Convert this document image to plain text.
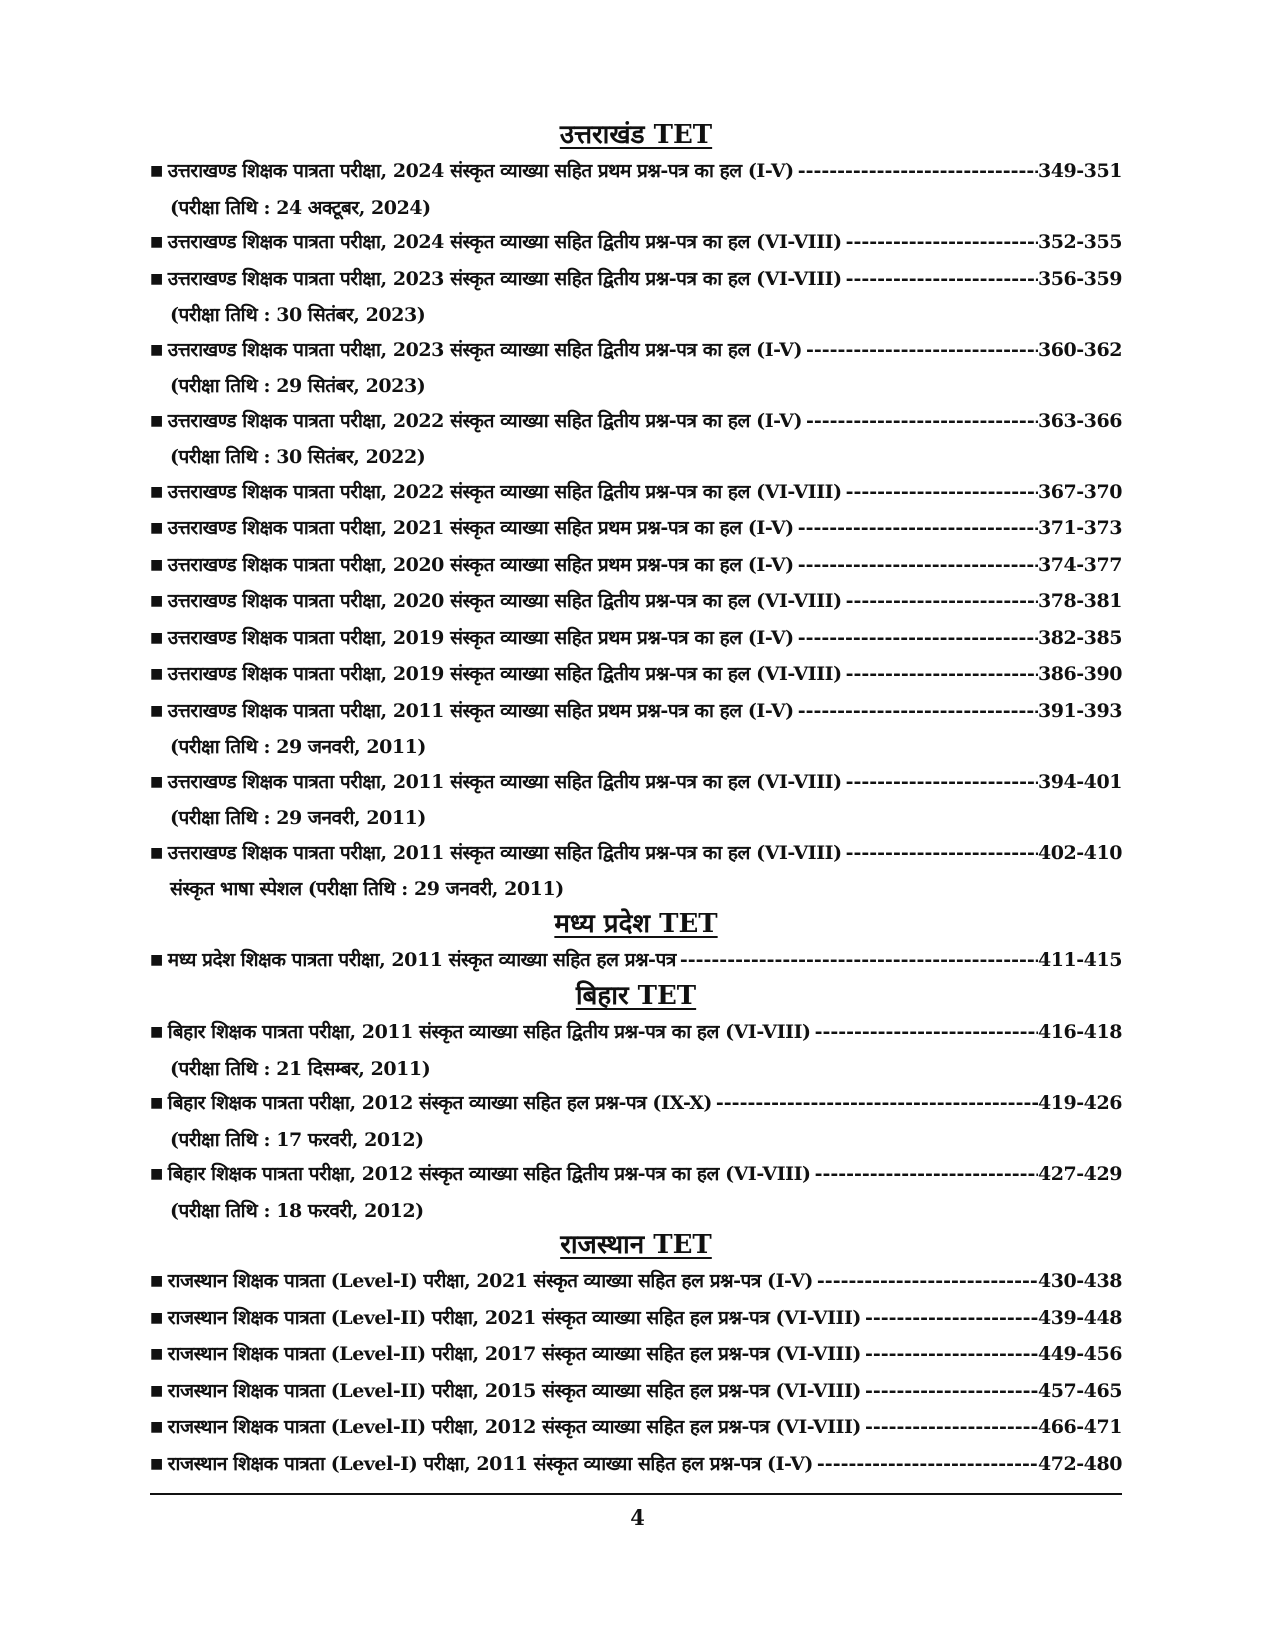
उत्तराखंड TET
■ उत्तराखण्ड शिक्षक पात्रता परीक्षा, 2024 संस्कृत व्याख्या सहित प्रथम प्रश्न-पत्र का हल (I-V) -----	349-351
(परीक्षा तिथि : 24 अक्टूबर, 2024)
■ उत्तराखण्ड शिक्षक पात्रता परीक्षा, 2024 संस्कृत व्याख्या सहित द्वितीय प्रश्न-पत्र का हल (VI-VIII) -----	352-355
■ उत्तराखण्ड शिक्षक पात्रता परीक्षा, 2023 संस्कृत व्याख्या सहित द्वितीय प्रश्न-पत्र का हल (VI-VIII) -----	356-359
(परीक्षा तिथि : 30 सितंबर, 2023)
■ उत्तराखण्ड शिक्षक पात्रता परीक्षा, 2023 संस्कृत व्याख्या सहित द्वितीय प्रश्न-पत्र का हल (I-V) -----	360-362
(परीक्षा तिथि : 29 सितंबर, 2023)
■ उत्तराखण्ड शिक्षक पात्रता परीक्षा, 2022 संस्कृत व्याख्या सहित द्वितीय प्रश्न-पत्र का हल (I-V) -----	363-366
(परीक्षा तिथि : 30 सितंबर, 2022)
■ उत्तराखण्ड शिक्षक पात्रता परीक्षा, 2022 संस्कृत व्याख्या सहित द्वितीय प्रश्न-पत्र का हल (VI-VIII) -----	367-370
■ उत्तराखण्ड शिक्षक पात्रता परीक्षा, 2021 संस्कृत व्याख्या सहित प्रथम प्रश्न-पत्र का हल (I-V) -----	371-373
■ उत्तराखण्ड शिक्षक पात्रता परीक्षा, 2020 संस्कृत व्याख्या सहित प्रथम प्रश्न-पत्र का हल (I-V) -----	374-377
■ उत्तराखण्ड शिक्षक पात्रता परीक्षा, 2020 संस्कृत व्याख्या सहित द्वितीय प्रश्न-पत्र का हल (VI-VIII) -----	378-381
■ उत्तराखण्ड शिक्षक पात्रता परीक्षा, 2019 संस्कृत व्याख्या सहित प्रथम प्रश्न-पत्र का हल (I-V) -----	382-385
■ उत्तराखण्ड शिक्षक पात्रता परीक्षा, 2019 संस्कृत व्याख्या सहित द्वितीय प्रश्न-पत्र का हल (VI-VIII) -----	386-390
■ उत्तराखण्ड शिक्षक पात्रता परीक्षा, 2011 संस्कृत व्याख्या सहित प्रथम प्रश्न-पत्र का हल (I-V) -----	391-393
(परीक्षा तिथि : 29 जनवरी, 2011)
■ उत्तराखण्ड शिक्षक पात्रता परीक्षा, 2011 संस्कृत व्याख्या सहित द्वितीय प्रश्न-पत्र का हल (VI-VIII) -----	394-401
(परीक्षा तिथि : 29 जनवरी, 2011)
■ उत्तराखण्ड शिक्षक पात्रता परीक्षा, 2011 संस्कृत व्याख्या सहित द्वितीय प्रश्न-पत्र का हल (VI-VIII) -----	402-410
संस्कृत भाषा स्पेशल (परीक्षा तिथि : 29 जनवरी, 2011)
मध्य प्रदेश TET
■ मध्य प्रदेश शिक्षक पात्रता परीक्षा, 2011 संस्कृत व्याख्या सहित हल प्रश्न-पत्र -----	411-415
बिहार TET
■ बिहार शिक्षक पात्रता परीक्षा, 2011 संस्कृत व्याख्या सहित द्वितीय प्रश्न-पत्र का हल (VI-VIII) -----	416-418
(परीक्षा तिथि : 21 दिसम्बर, 2011)
■ बिहार शिक्षक पात्रता परीक्षा, 2012 संस्कृत व्याख्या सहित हल प्रश्न-पत्र (IX-X) -----	419-426
(परीक्षा तिथि : 17 फरवरी, 2012)
■ बिहार शिक्षक पात्रता परीक्षा, 2012 संस्कृत व्याख्या सहित द्वितीय प्रश्न-पत्र का हल (VI-VIII) -----	427-429
(परीक्षा तिथि : 18 फरवरी, 2012)
राजस्थान TET
■ राजस्थान शिक्षक पात्रता (Level-I) परीक्षा, 2021 संस्कृत व्याख्या सहित हल प्रश्न-पत्र (I-V) -----	430-438
■ राजस्थान शिक्षक पात्रता (Level-II) परीक्षा, 2021 संस्कृत व्याख्या सहित हल प्रश्न-पत्र (VI-VIII) -----	439-448
■ राजस्थान शिक्षक पात्रता (Level-II) परीक्षा, 2017 संस्कृत व्याख्या सहित हल प्रश्न-पत्र (VI-VIII) -----	449-456
■ राजस्थान शिक्षक पात्रता (Level-II) परीक्षा, 2015 संस्कृत व्याख्या सहित हल प्रश्न-पत्र (VI-VIII) -----	457-465
■ राजस्थान शिक्षक पात्रता (Level-II) परीक्षा, 2012 संस्कृत व्याख्या सहित हल प्रश्न-पत्र (VI-VIII) -----	466-471
■ राजस्थान शिक्षक पात्रता (Level-I) परीक्षा, 2011 संस्कृत व्याख्या सहित हल प्रश्न-पत्र (I-V) -----	472-480
4
